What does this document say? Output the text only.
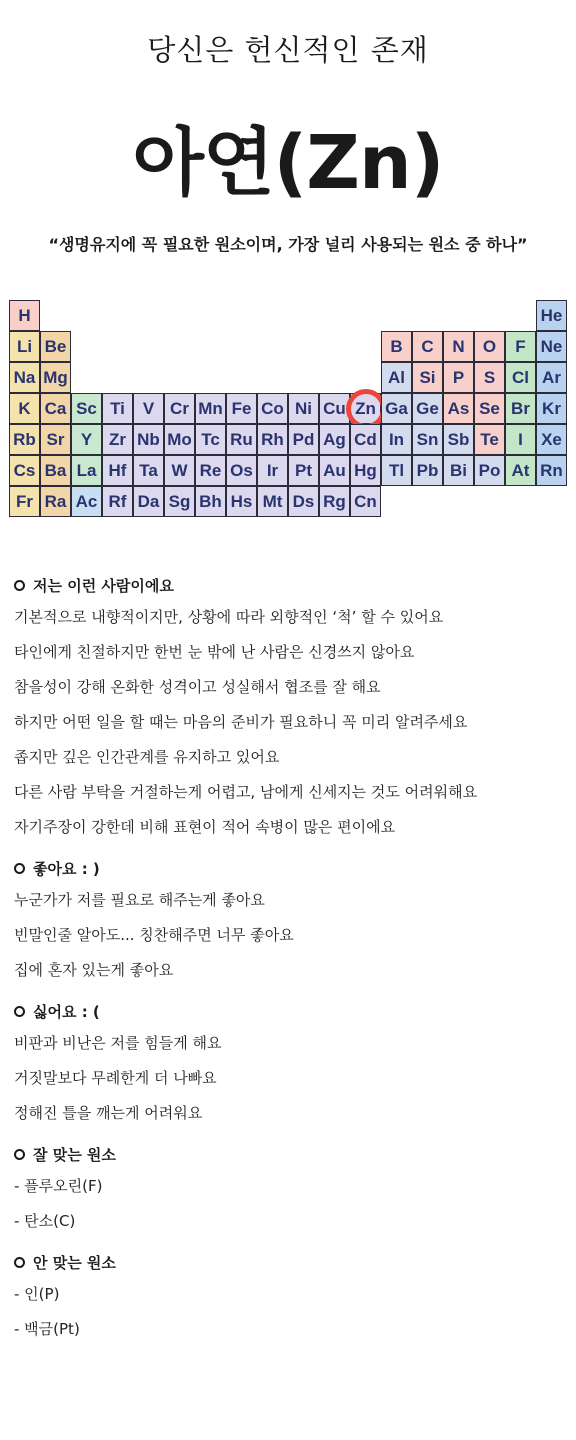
당신은 헌신적인 존재
아연(Zn)
“생명유지에 꼭 필요한 원소이며, 가장 널리 사용되는 원소 중 하나”
H	He
Li Be	B	C	N	O	F Ne
Na Mg	Al Si	P	S Cl Ar
K Ca Sc Ti	V Cr Mn Fe Co Ni Cu Zn Ga Ge As Se Br Kr
Rb Sr Y Zr Nb Mo Tc Ru Rh Pd Ag Cd In Sn Sb Te	I	Xe
Cs Ba La Hf Ta W Re Os Ir Pt Au Hg Tl Pb Bi Po At Rn
Fr Ra Ac Rf Da Sg Bh Hs Mt Ds Rg Cn
저는 이런 사람이에요
기본적으로 내향적이지만, 상황에 따라 외향적인 ‘척’ 할 수 있어요
타인에게 친절하지만 한번 눈 밖에 난 사람은 신경쓰지 않아요
참을성이 강해 온화한 성격이고 성실해서 협조를 잘 해요
하지만 어떤 일을 할 때는 마음의 준비가 필요하니 꼭 미리 알려주세요
좁지만 깊은 인간관계를 유지하고 있어요
다른 사람 부탁을 거절하는게 어렵고, 남에게 신세지는 것도 어려워해요
자기주장이 강한데 비해 표현이 적어 속병이 많은 편이에요
좋아요 : )
누군가가 저를 필요로 해주는게 좋아요
빈말인줄 알아도... 칭찬해주면 너무 좋아요
집에 혼자 있는게 좋아요
싫어요 : (
비판과 비난은 저를 힘들게 해요
거짓말보다 무례한게 더 나빠요
정해진 틀을 깨는게 어려워요
잘 맞는 원소
- 플루오린(F)
- 탄소(C)
안 맞는 원소
- 인(P)
- 백금(Pt)
